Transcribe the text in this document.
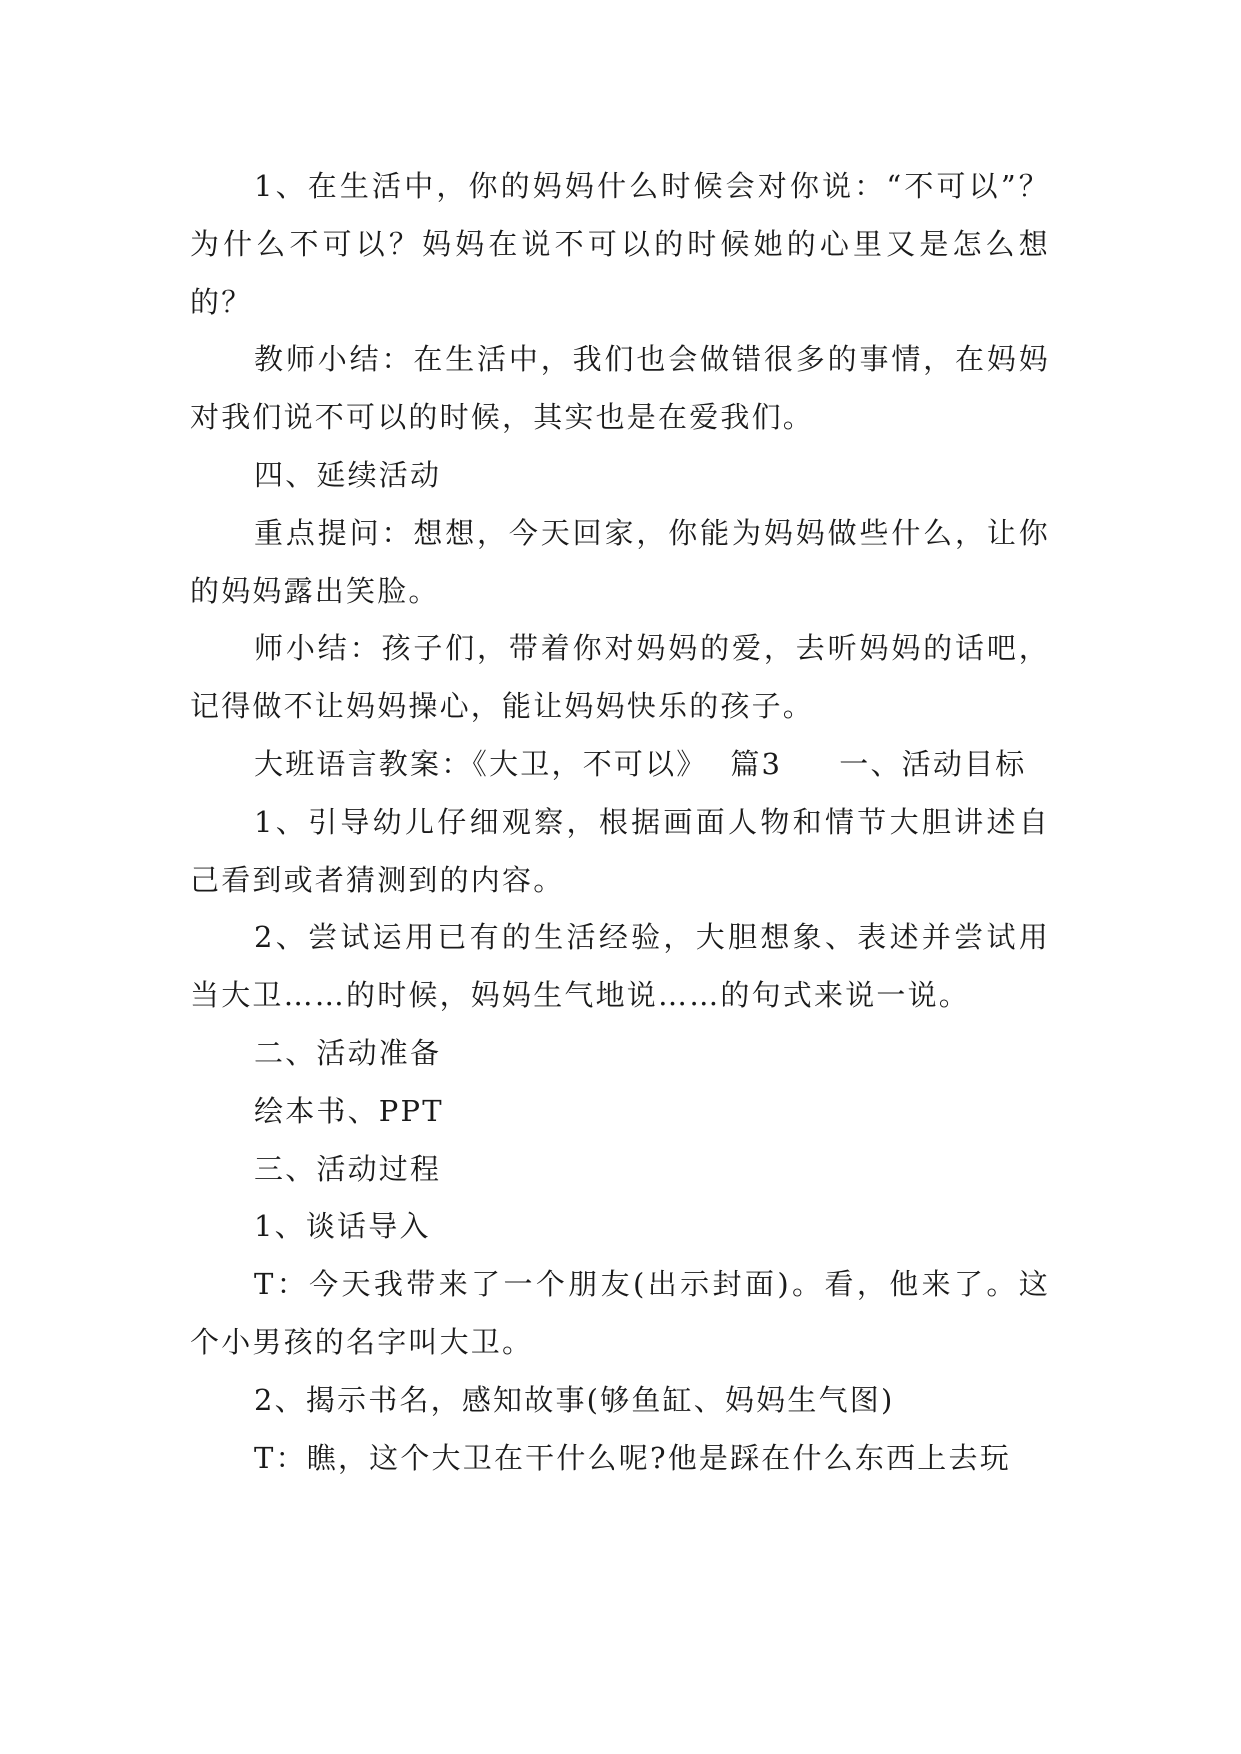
1、在生活中，你的妈妈什么时候会对你说：“不可以”？为什么不可以？妈妈在说不可以的时候她的心里又是怎么想的？

教师小结：在生活中，我们也会做错很多的事情，在妈妈对我们说不可以的时候，其实也是在爱我们。

四、延续活动

重点提问：想想，今天回家，你能为妈妈做些什么，让你的妈妈露出笑脸。

师小结：孩子们，带着你对妈妈的爱，去听妈妈的话吧，记得做不让妈妈操心，能让妈妈快乐的孩子。

大班语言教案：《大卫，不可以》  篇3     一、活动目标

1、引导幼儿仔细观察，根据画面人物和情节大胆讲述自己看到或者猜测到的内容。

2、尝试运用已有的生活经验，大胆想象、表述并尝试用当大卫……的时候，妈妈生气地说……的句式来说一说。

二、活动准备

绘本书、PPT

三、活动过程

1、谈话导入

T：今天我带来了一个朋友(出示封面)。看，他来了。这个小男孩的名字叫大卫。

2、揭示书名，感知故事(够鱼缸、妈妈生气图)

T：瞧，这个大卫在干什么呢?他是踩在什么东西上去玩
